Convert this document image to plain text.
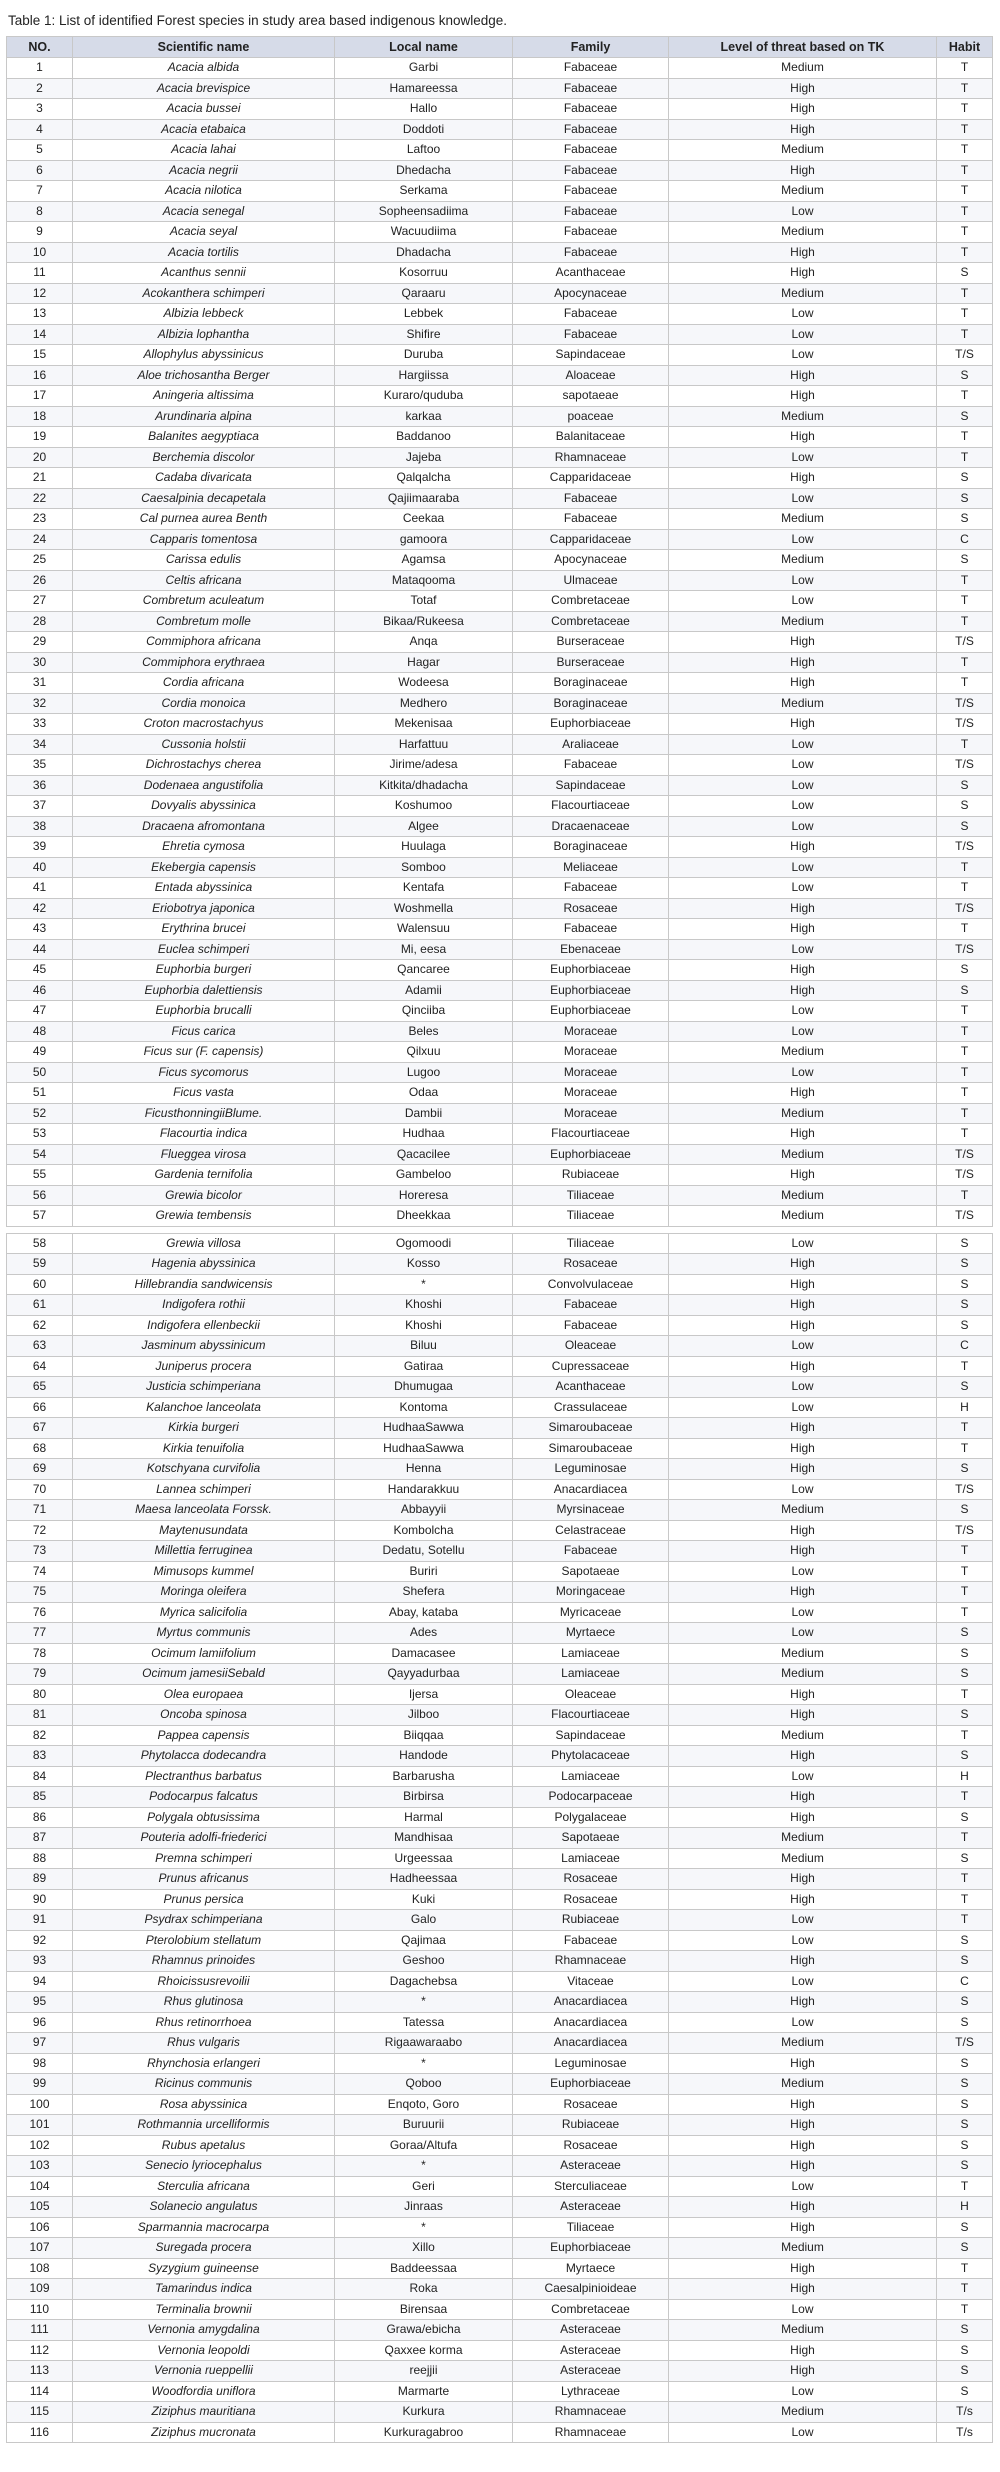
Table 1: List of identified Forest species in study area based indigenous knowledge.
NO.	Scientific name	Local name	Family	Level of threat based on TK	Habit
1	Acacia albida	Garbi	Fabaceae	Medium	T
2	Acacia brevispice	Hamareessa	Fabaceae	High	T
3	Acacia bussei	Hallo	Fabaceae	High	T
4	Acacia etabaica	Doddoti	Fabaceae	High	T
5	Acacia lahai	Laftoo	Fabaceae	Medium	T
6	Acacia negrii	Dhedacha	Fabaceae	High	T
7	Acacia nilotica	Serkama	Fabaceae	Medium	T
8	Acacia senegal	Sopheensadiima	Fabaceae	Low	T
9	Acacia seyal	Wacuudiima	Fabaceae	Medium	T
10	Acacia tortilis	Dhadacha	Fabaceae	High	T
11	Acanthus sennii	Kosorruu	Acanthaceae	High	S
12	Acokanthera schimperi	Qaraaru	Apocynaceae	Medium	T
13	Albizia lebbeck	Lebbek	Fabaceae	Low	T
14	Albizia lophantha	Shifire	Fabaceae	Low	T
15	Allophylus abyssinicus	Duruba	Sapindaceae	Low	T/S
16	Aloe trichosantha Berger	Hargiissa	Aloaceae	High	S
17	Aningeria altissima	Kuraro/quduba	sapotaeae	High	T
18	Arundinaria alpina	karkaa	poaceae	Medium	S
19	Balanites aegyptiaca	Baddanoo	Balanitaceae	High	T
20	Berchemia discolor	Jajeba	Rhamnaceae	Low	T
21	Cadaba divaricata	Qalqalcha	Capparidaceae	High	S
22	Caesalpinia decapetala	Qajiimaaraba	Fabaceae	Low	S
23	Cal purnea aurea Benth	Ceekaa	Fabaceae	Medium	S
24	Capparis tomentosa	gamoora	Capparidaceae	Low	C
25	Carissa edulis	Agamsa	Apocynaceae	Medium	S
26	Celtis africana	Mataqooma	Ulmaceae	Low	T
27	Combretum aculeatum	Totaf	Combretaceae	Low	T
28	Combretum molle	Bikaa/Rukeesa	Combretaceae	Medium	T
29	Commiphora africana	Anqa	Burseraceae	High	T/S
30	Commiphora erythraea	Hagar	Burseraceae	High	T
31	Cordia africana	Wodeesa	Boraginaceae	High	T
32	Cordia monoica	Medhero	Boraginaceae	Medium	T/S
33	Croton macrostachyus	Mekenisaa	Euphorbiaceae	High	T/S
34	Cussonia holstii	Harfattuu	Araliaceae	Low	T
35	Dichrostachys cherea	Jirime/adesa	Fabaceae	Low	T/S
36	Dodenaea angustifolia	Kitkita/dhadacha	Sapindaceae	Low	S
37	Dovyalis abyssinica	Koshumoo	Flacourtiaceae	Low	S
38	Dracaena afromontana	Algee	Dracaenaceae	Low	S
39	Ehretia cymosa	Huulaga	Boraginaceae	High	T/S
40	Ekebergia capensis	Somboo	Meliaceae	Low	T
41	Entada abyssinica	Kentafa	Fabaceae	Low	T
42	Eriobotrya japonica	Woshmella	Rosaceae	High	T/S
43	Erythrina brucei	Walensuu	Fabaceae	High	T
44	Euclea schimperi	Mi, eesa	Ebenaceae	Low	T/S
45	Euphorbia burgeri	Qancaree	Euphorbiaceae	High	S
46	Euphorbia dalettiensis	Adamii	Euphorbiaceae	High	S
47	Euphorbia brucalli	Qinciiba	Euphorbiaceae	Low	T
48	Ficus carica	Beles	Moraceae	Low	T
49	Ficus sur (F. capensis)	Qilxuu	Moraceae	Medium	T
50	Ficus sycomorus	Lugoo	Moraceae	Low	T
51	Ficus vasta	Odaa	Moraceae	High	T
52	FicusthonningiiBlume.	Dambii	Moraceae	Medium	T
53	Flacourtia indica	Hudhaa	Flacourtiaceae	High	T
54	Flueggea virosa	Qacacilee	Euphorbiaceae	Medium	T/S
55	Gardenia ternifolia	Gambeloo	Rubiaceae	High	T/S
56	Grewia bicolor	Horeresa	Tiliaceae	Medium	T
57	Grewia tembensis	Dheekkaa	Tiliaceae	Medium	T/S

58	Grewia villosa	Ogomoodi	Tiliaceae	Low	S
59	Hagenia abyssinica	Kosso	Rosaceae	High	S
60	Hillebrandia sandwicensis	*	Convolvulaceae	High	S
61	Indigofera rothii	Khoshi	Fabaceae	High	S
62	Indigofera ellenbeckii	Khoshi	Fabaceae	High	S
63	Jasminum abyssinicum	Biluu	Oleaceae	Low	C
64	Juniperus procera	Gatiraa	Cupressaceae	High	T
65	Justicia schimperiana	Dhumugaa	Acanthaceae	Low	S
66	Kalanchoe lanceolata	Kontoma	Crassulaceae	Low	H
67	Kirkia burgeri	HudhaaSawwa	Simaroubaceae	High	T
68	Kirkia tenuifolia	HudhaaSawwa	Simaroubaceae	High	T
69	Kotschyana curvifolia	Henna	Leguminosae	High	S
70	Lannea schimperi	Handarakkuu	Anacardiacea	Low	T/S
71	Maesa lanceolata Forssk.	Abbayyii	Myrsinaceae	Medium	S
72	Maytenusundata	Kombolcha	Celastraceae	High	T/S
73	Millettia ferruginea	Dedatu, Sotellu	Fabaceae	High	T
74	Mimusops kummel	Buriri	Sapotaeae	Low	T
75	Moringa oleifera	Shefera	Moringaceae	High	T
76	Myrica salicifolia	Abay, kataba	Myricaceae	Low	T
77	Myrtus communis	Ades	Myrtaece	Low	S
78	Ocimum lamiifolium	Damacasee	Lamiaceae	Medium	S
79	Ocimum jamesiiSebald	Qayyadurbaa	Lamiaceae	Medium	S
80	Olea europaea	Ijersa	Oleaceae	High	T
81	Oncoba spinosa	Jilboo	Flacourtiaceae	High	S
82	Pappea capensis	Biiqqaa	Sapindaceae	Medium	T
83	Phytolacca dodecandra	Handode	Phytolacaceae	High	S
84	Plectranthus barbatus	Barbarusha	Lamiaceae	Low	H
85	Podocarpus falcatus	Birbirsa	Podocarpaceae	High	T
86	Polygala obtusissima	Harmal	Polygalaceae	High	S
87	Pouteria adolfi-friederici	Mandhisaa	Sapotaeae	Medium	T
88	Premna schimperi	Urgeessaa	Lamiaceae	Medium	S
89	Prunus africanus	Hadheessaa	Rosaceae	High	T
90	Prunus persica	Kuki	Rosaceae	High	T
91	Psydrax schimperiana	Galo	Rubiaceae	Low	T
92	Pterolobium stellatum	Qajimaa	Fabaceae	Low	S
93	Rhamnus prinoides	Geshoo	Rhamnaceae	High	S
94	Rhoicissusrevoilii	Dagachebsa	Vitaceae	Low	C
95	Rhus glutinosa	*	Anacardiacea	High	S
96	Rhus retinorrhoea	Tatessa	Anacardiacea	Low	S
97	Rhus vulgaris	Rigaawaraabo	Anacardiacea	Medium	T/S
98	Rhynchosia erlangeri	*	Leguminosae	High	S
99	Ricinus communis	Qoboo	Euphorbiaceae	Medium	S
100	Rosa abyssinica	Enqoto, Goro	Rosaceae	High	S
101	Rothmannia urcelliformis	Buruurii	Rubiaceae	High	S
102	Rubus apetalus	Goraa/Altufa	Rosaceae	High	S
103	Senecio lyriocephalus	*	Asteraceae	High	S
104	Sterculia africana	Geri	Sterculiaceae	Low	T
105	Solanecio angulatus	Jinraas	Asteraceae	High	H
106	Sparmannia macrocarpa	*	Tiliaceae	High	S
107	Suregada procera	Xillo	Euphorbiaceae	Medium	S
108	Syzygium guineense	Baddeessaa	Myrtaece	High	T
109	Tamarindus indica	Roka	Caesalpinioideae	High	T
110	Terminalia brownii	Birensaa	Combretaceae	Low	T
111	Vernonia amygdalina	Grawa/ebicha	Asteraceae	Medium	S
112	Vernonia leopoldi	Qaxxee korma	Asteraceae	High	S
113	Vernonia rueppellii	reejjii	Asteraceae	High	S
114	Woodfordia uniflora	Marmarte	Lythraceae	Low	S
115	Ziziphus mauritiana	Kurkura	Rhamnaceae	Medium	T/s
116	Ziziphus mucronata	Kurkuragabroo	Rhamnaceae	Low	T/s
